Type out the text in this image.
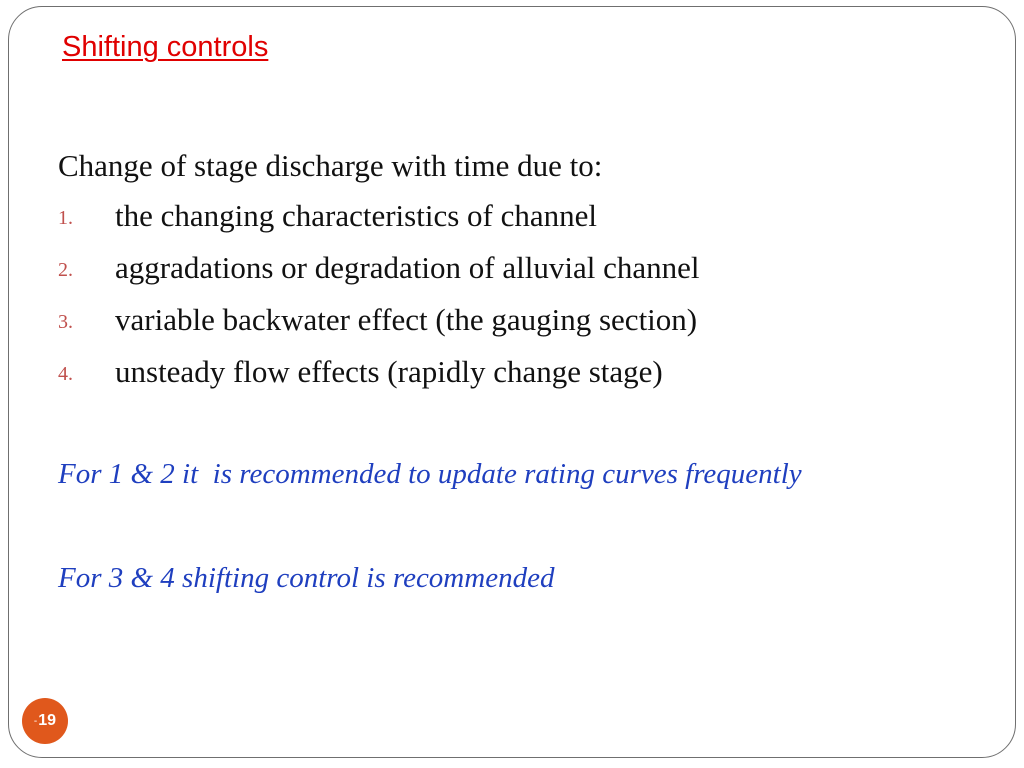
Shifting controls
Change of stage discharge with time due to:
1. the changing characteristics of channel
2. aggradations or degradation of alluvial channel
3. variable backwater effect (the gauging section)
4. unsteady flow effects (rapidly change stage)
For 1 & 2 it  is recommended to update rating curves frequently
For 3 & 4 shifting control is recommended
- 19
